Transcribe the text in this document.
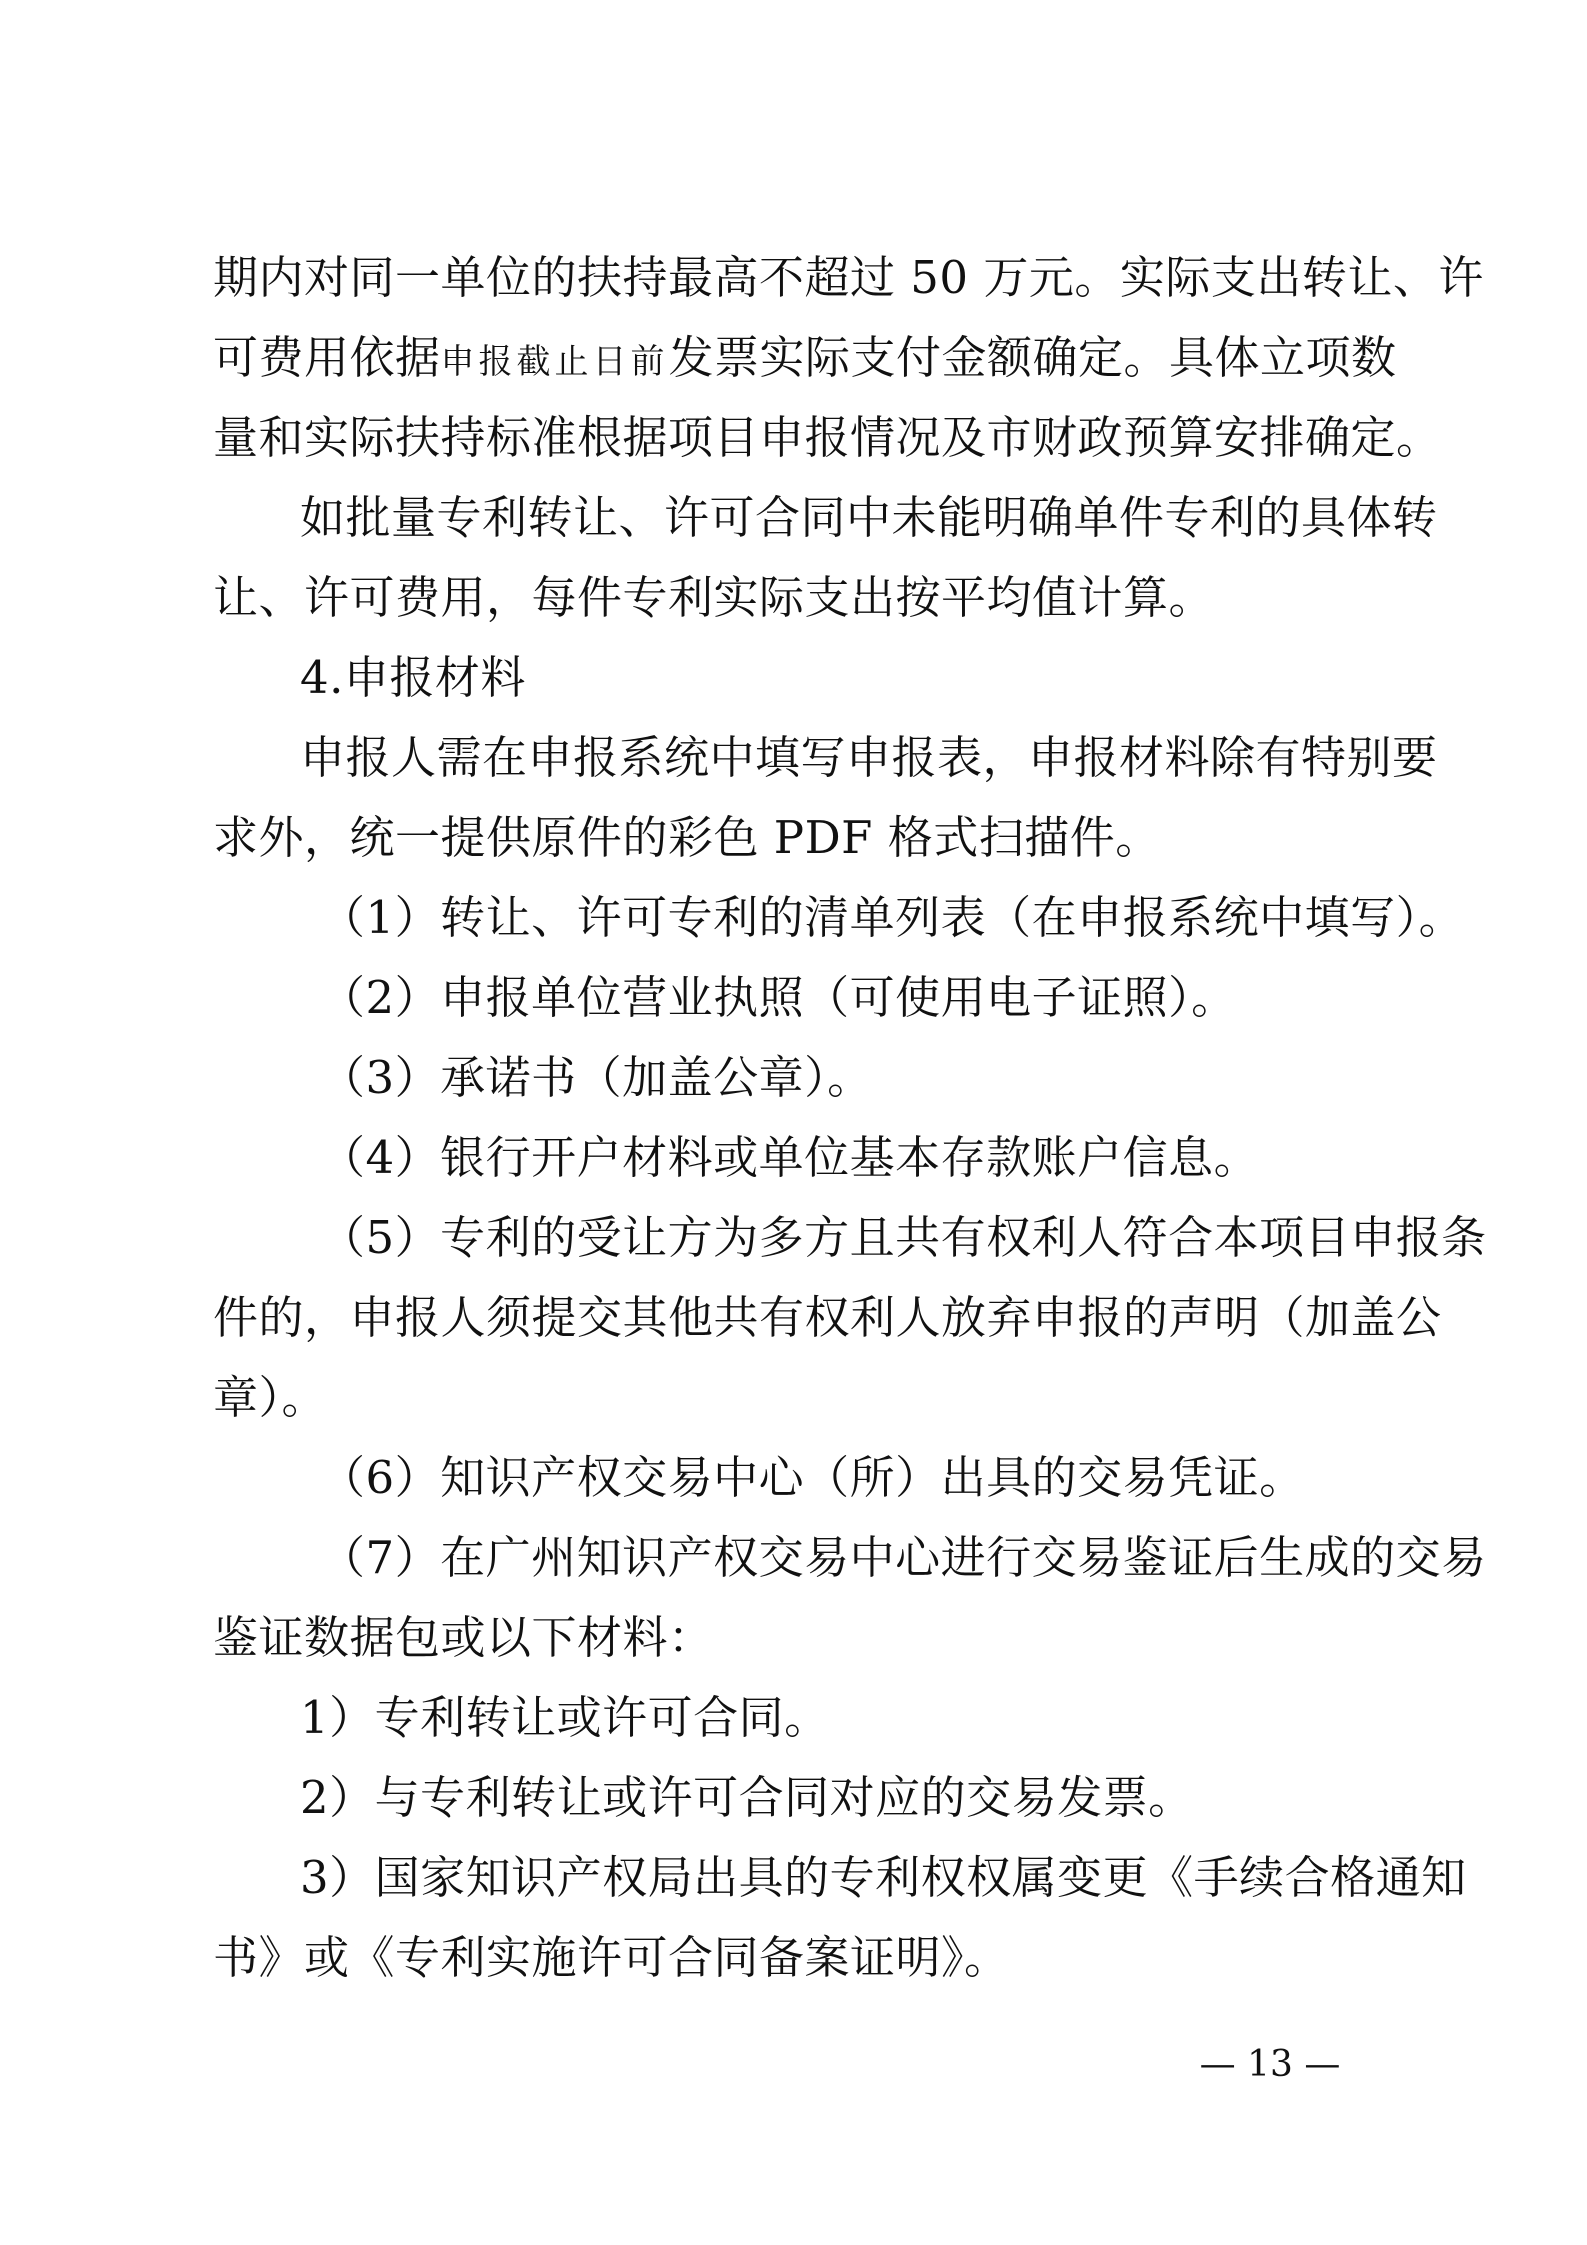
期内对同一单位的扶持最高不超过 50 万元。实际支出转让、许
可费用依据申报截止日前发票实际支付金额确定。具体立项数
量和实际扶持标准根据项目申报情况及市财政预算安排确定。
如批量专利转让、许可合同中未能明确单件专利的具体转
让、许可费用，每件专利实际支出按平均值计算。
4.申报材料
申报人需在申报系统中填写申报表，申报材料除有特别要
求外，统一提供原件的彩色 PDF 格式扫描件。
（1）转让、许可专利的清单列表（在申报系统中填写）。
（2）申报单位营业执照（可使用电子证照）。
（3）承诺书（加盖公章）。
（4）银行开户材料或单位基本存款账户信息。
（5）专利的受让方为多方且共有权利人符合本项目申报条
件的，申报人须提交其他共有权利人放弃申报的声明（加盖公
章）。
（6）知识产权交易中心（所）出具的交易凭证。
（7）在广州知识产权交易中心进行交易鉴证后生成的交易
鉴证数据包或以下材料：
1）专利转让或许可合同。
2）与专利转让或许可合同对应的交易发票。
3）国家知识产权局出具的专利权权属变更《手续合格通知
书》或《专利实施许可合同备案证明》。
— 13 —
